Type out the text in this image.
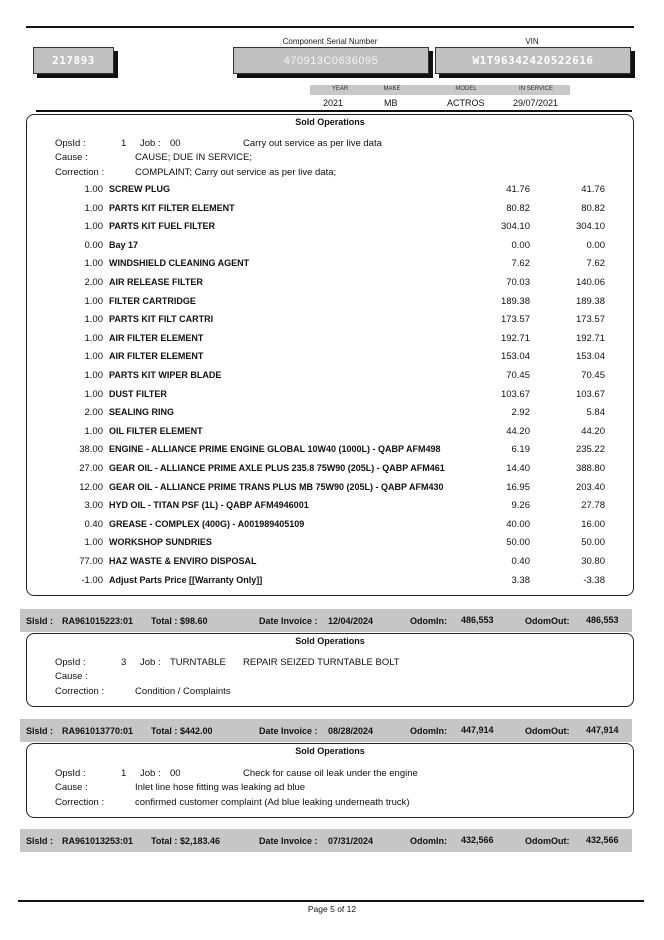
217893
Component Serial Number
470913C0636095
VIN
W1T96342420522616
YEAR	MAKE	MODEL	IN SERVICE
2021	MB	ACTROS	29/07/2021
Sold Operations
OpsId :	1 Job : 00	Carry out service as per live data
Cause :	CAUSE; DUE IN SERVICE;
Correction :	COMPLAINT; Carry out service as per live data;
1.00 SCREW PLUG	41.76	41.76
1.00 PARTS KIT FILTER ELEMENT	80.82	80.82
1.00 PARTS KIT FUEL FILTER	304.10	304.10
0.00 Bay 17	0.00	0.00
1.00 WINDSHIELD CLEANING AGENT	7.62	7.62
2.00 AIR RELEASE FILTER	70.03	140.06
1.00 FILTER CARTRIDGE	189.38	189.38
1.00 PARTS KIT FILT CARTRI	173.57	173.57
1.00 AIR FILTER ELEMENT	192.71	192.71
1.00 AIR FILTER ELEMENT	153.04	153.04
1.00 PARTS KIT WIPER BLADE	70.45	70.45
1.00 DUST FILTER	103.67	103.67
2.00 SEALING RING	2.92	5.84
1.00 OIL FILTER ELEMENT	44.20	44.20
38.00 ENGINE - ALLIANCE PRIME ENGINE GLOBAL 10W40 (1000L) - QABP AFM498	6.19	235.22
27.00 GEAR OIL - ALLIANCE PRIME AXLE PLUS 235.8 75W90 (205L) - QABP AFM461	14.40	388.80
12.00 GEAR OIL - ALLIANCE PRIME TRANS PLUS MB 75W90 (205L) - QABP AFM430	16.95	203.40
3.00 HYD OIL - TITAN PSF (1L) - QABP AFM4946001	9.26	27.78
0.40 GREASE - COMPLEX (400G) - A001989405109	40.00	16.00
1.00 WORKSHOP SUNDRIES	50.00	50.00
77.00 HAZ WASTE & ENVIRO DISPOSAL	0.40	30.80
-1.00 Adjust Parts Price [[Warranty Only]]	3.38	-3.38
SlsId : RA961015223:01 Total : $98.60	Date Invoice : 12/04/2024	OdomIn: 486,553	OdomOut: 486,553
Sold Operations
OpsId :	3 Job : TURNTABLE REPAIR SEIZED TURNTABLE BOLT
Cause :
Correction :	Condition / Complaints
SlsId : RA961013770:01 Total : $442.00	Date Invoice : 08/28/2024	OdomIn: 447,914	OdomOut: 447,914
Sold Operations
OpsId :	1 Job : 00	Check for cause oil leak under the engine
Cause :	Inlet line hose fitting was leaking ad blue
Correction :	confirmed customer complaint (Ad blue leaking underneath truck)
SlsId : RA961013253:01 Total : $2,183.46	Date Invoice : 07/31/2024	OdomIn: 432,566	OdomOut: 432,566
Page 5 of 12
